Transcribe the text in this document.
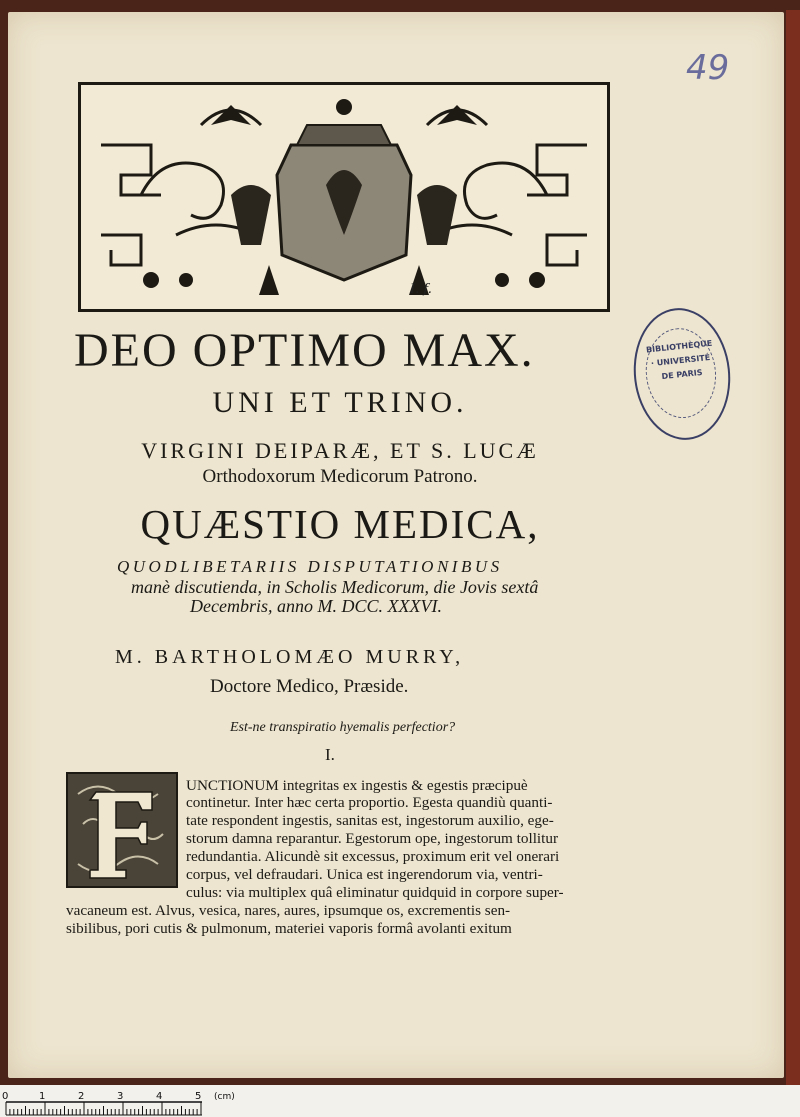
49
I. f.
BIBLIOTHÈQUE · UNIVERSITÉ DE PARIS
DEO OPTIMO MAX.
UNI ET TRINO.
VIRGINI DEIPARÆ, ET S. LUCÆ
Orthodoxorum Medicorum Patrono.
QUÆSTIO MEDICA,
QUODLIBETARIIS DISPUTATIONIBUS
manè discutienda, in Scholis Medicorum, die Jovis sextâ
Decembris, anno M. DCC. XXXVI.
M. BARTHOLOMÆO MURRY,
Doctore Medico, Præside.
Est-ne transpiratio hyemalis perfectior?
I.
UNCTIONUM integritas ex ingestis & egestis præcipuè
continetur. Inter hæc certa proportio. Egesta quandiù quanti-
tate respondent ingestis, sanitas est, ingestorum auxilio, ege-
storum damna reparantur. Egestorum ope, ingestorum tollitur
redundantia. Alicundè sit excessus, proximum erit vel onerari
corpus, vel defraudari. Unica est ingerendorum via, ventri-
culus: via multiplex quâ eliminatur quidquid in corpore super-
vacaneum est. Alvus, vesica, nares, aures, ipsumque os, excrementis sen-
sibilibus, pori cutis & pulmonum, materiei vaporis formâ avolanti exitum
0	1	2	3	4	5 (cm)
